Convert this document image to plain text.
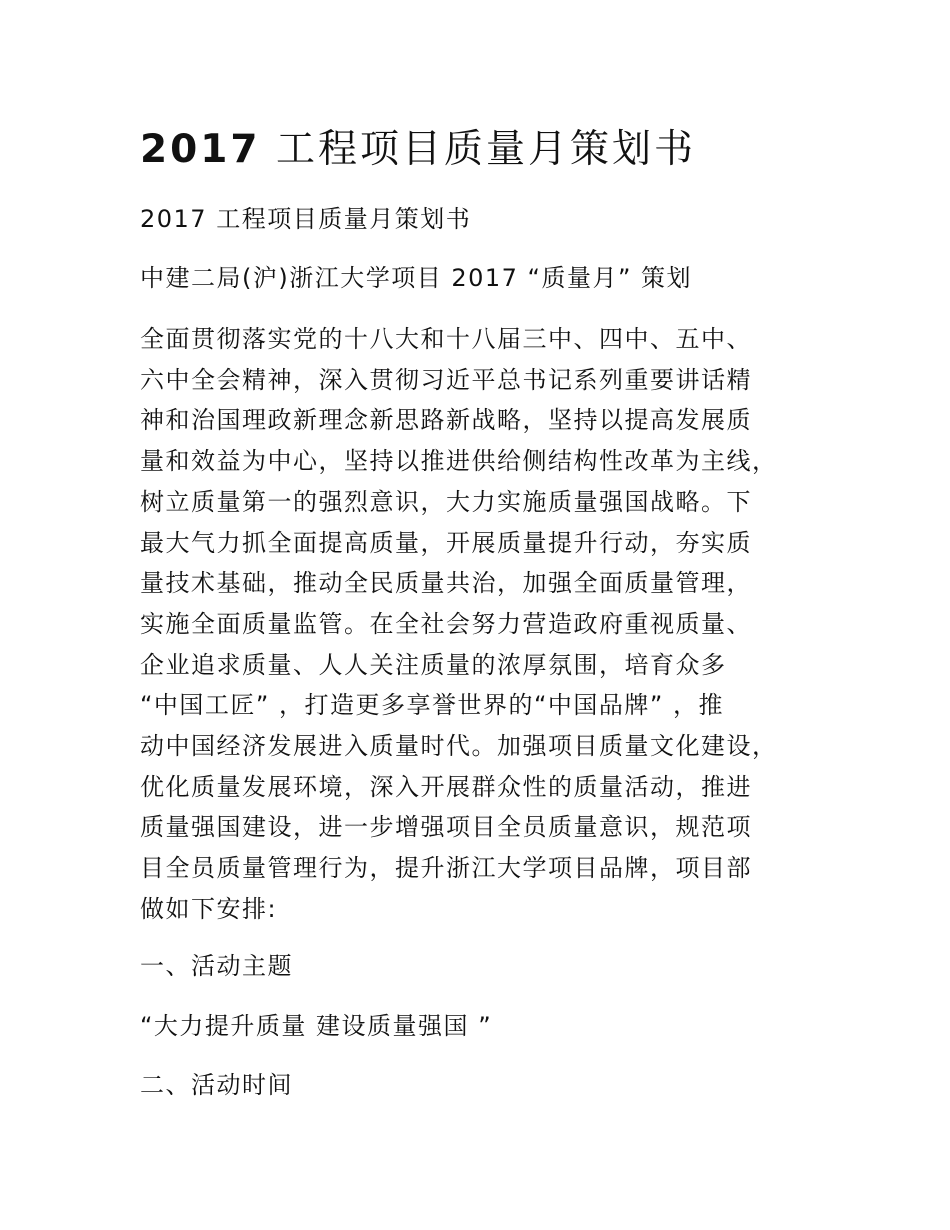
2017 工程项目质量月策划书

2017 工程项目质量月策划书

中建二局(沪)浙江大学项目 2017 “质量月” 策划

全面贯彻落实党的十八大和十八届三中、四中、五中、
六中全会精神，深入贯彻习近平总书记系列重要讲话精
神和治国理政新理念新思路新战略，坚持以提高发展质
量和效益为中心，坚持以推进供给侧结构性改革为主线，
树立质量第一的强烈意识，大力实施质量强国战略。下
最大气力抓全面提高质量，开展质量提升行动，夯实质
量技术基础，推动全民质量共治，加强全面质量管理，
实施全面质量监管。在全社会努力营造政府重视质量、
企业追求质量、人人关注质量的浓厚氛围，培育众多
“中国工匠” ，打造更多享誉世界的“中国品牌” ，推
动中国经济发展进入质量时代。加强项目质量文化建设，
优化质量发展环境，深入开展群众性的质量活动，推进
质量强国建设，进一步增强项目全员质量意识，规范项
目全员质量管理行为，提升浙江大学项目品牌，项目部
做如下安排:

一、活动主题

“大力提升质量 建设质量强国 ”

二、活动时间
